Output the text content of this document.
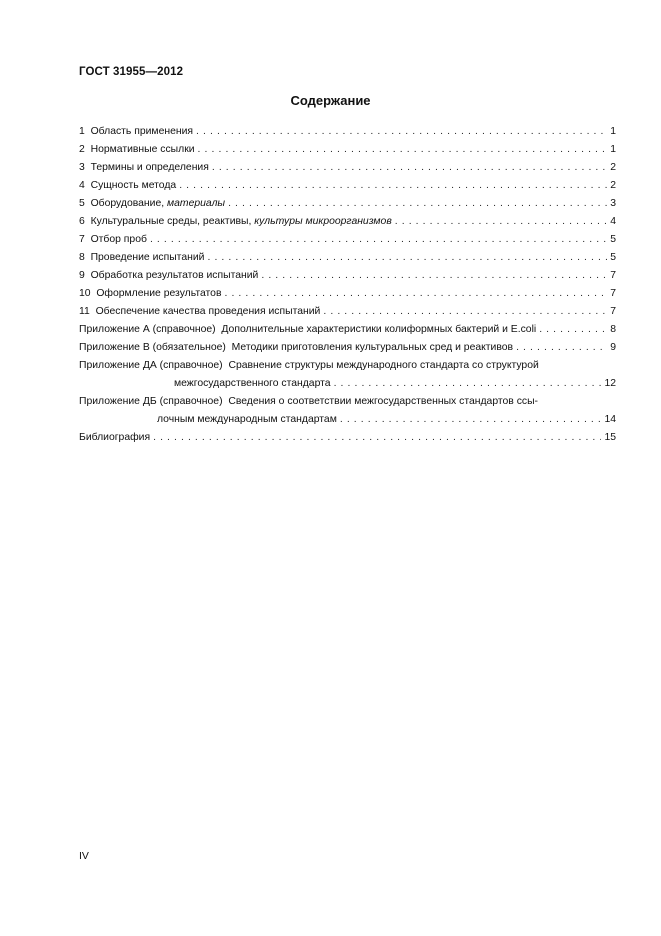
ГОСТ 31955—2012
Содержание
1 Область применения . . .	1
2 Нормативные ссылки . . .	1
3 Термины и определения . . .	2
4 Сущность метода . . .	2
5 Оборудование, материалы . . .	3
6 Культуральные среды, реактивы, культуры микроорганизмов . . .	4
7 Отбор проб . . .	5
8 Проведение испытаний . . .	5
9 Обработка результатов испытаний . . .	7
10 Оформление результатов . . .	7
11 Обеспечение качества проведения испытаний . . .	7
Приложение А (справочное) Дополнительные характеристики колиформных бактерий и E.coli . . .	8
Приложение В (обязательное) Методики приготовления культуральных сред и реактивов . . .	9
Приложение ДА (справочное) Сравнение структуры международного стандарта со структурой
межгосударственного стандарта . . .	12
Приложение ДБ (справочное) Сведения о соответствии межгосударственных стандартов ссы-
лочным международным стандартам . . .	14
Библиография . . .	15
IV
